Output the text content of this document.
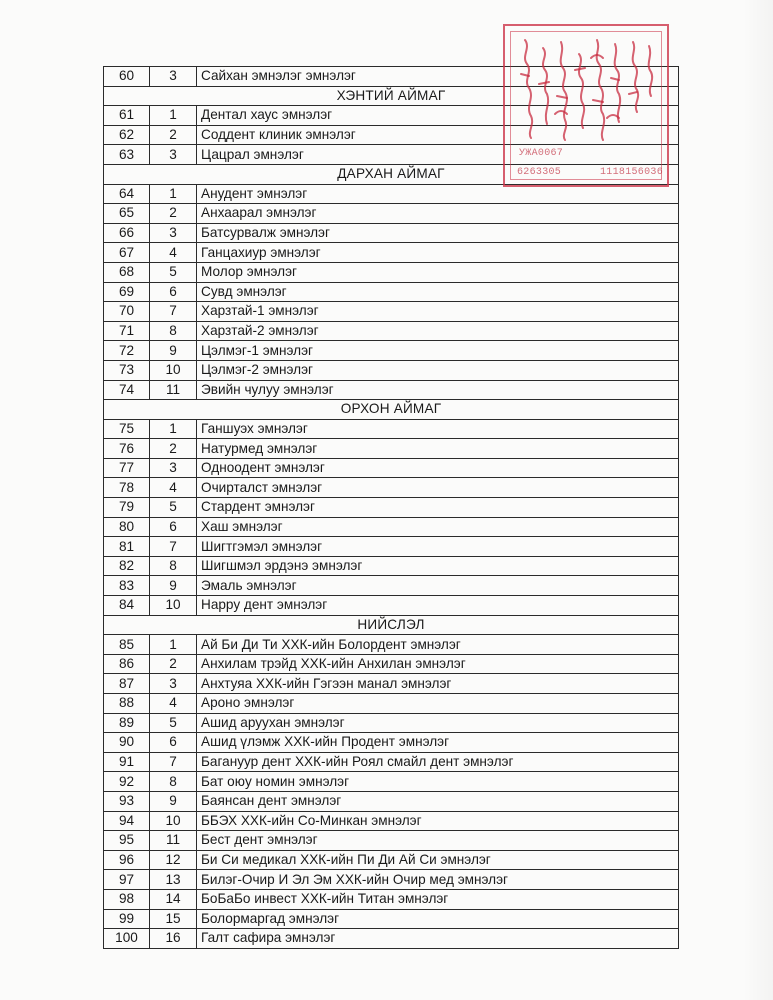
60	3	Сайхан эмнэлэг эмнэлэг
ХЭНТИЙ АЙМАГ		
61	1	Дентал хаус эмнэлэг
62	2	Соддент клиник эмнэлэг
63	3	Цацрал эмнэлэг
ДАРХАН АЙМАГ		
64	1	Анудент эмнэлэг
65	2	Анхаарал эмнэлэг
66	3	Батсурвалж эмнэлэг
67	4	Ганцахиур эмнэлэг
68	5	Молор эмнэлэг
69	6	Сувд эмнэлэг
70	7	Харзтай-1 эмнэлэг
71	8	Харзтай-2 эмнэлэг
72	9	Цэлмэг-1 эмнэлэг
73	10	Цэлмэг-2 эмнэлэг
74	11	Эвийн чулуу эмнэлэг
ОРХОН АЙМАГ		
75	1	Ганшуэх эмнэлэг
76	2	Натурмед эмнэлэг
77	3	Одноодент эмнэлэг
78	4	Очирталст эмнэлэг
79	5	Стардент эмнэлэг
80	6	Хаш эмнэлэг
81	7	Шигтгэмэл эмнэлэг
82	8	Шигшмэл эрдэнэ эмнэлэг
83	9	Эмаль эмнэлэг
84	10	Нарру дент эмнэлэг
НИЙСЛЭЛ		
85	1	Ай Би Ди Ти ХХК-ийн Болордент эмнэлэг
86	2	Анхилам трэйд ХХК-ийн Анхилан эмнэлэг
87	3	Анхтуяа ХХК-ийн Гэгээн манал эмнэлэг
88	4	Ароно эмнэлэг
89	5	Ашид аруухан эмнэлэг
90	6	Ашид үлэмж ХХК-ийн Продент эмнэлэг
91	7	Багануур дент ХХК-ийн Роял смайл дент эмнэлэг
92	8	Бат оюу номин эмнэлэг
93	9	Баянсан дент эмнэлэг
94	10	ББЭХ ХХК-ийн Со-Минкан эмнэлэг
95	11	Бест дент эмнэлэг
96	12	Би Си медикал ХХК-ийн Пи Ди Ай Си эмнэлэг
97	13	Билэг-Очир И Эл Эм ХХК-ийн Очир мед эмнэлэг
98	14	БоБаБо инвест ХХК-ийн Титан эмнэлэг
99	15	Болормаргад эмнэлэг
100	16	Галт сафира эмнэлэг
УЖА0067
6263305	1118156036
